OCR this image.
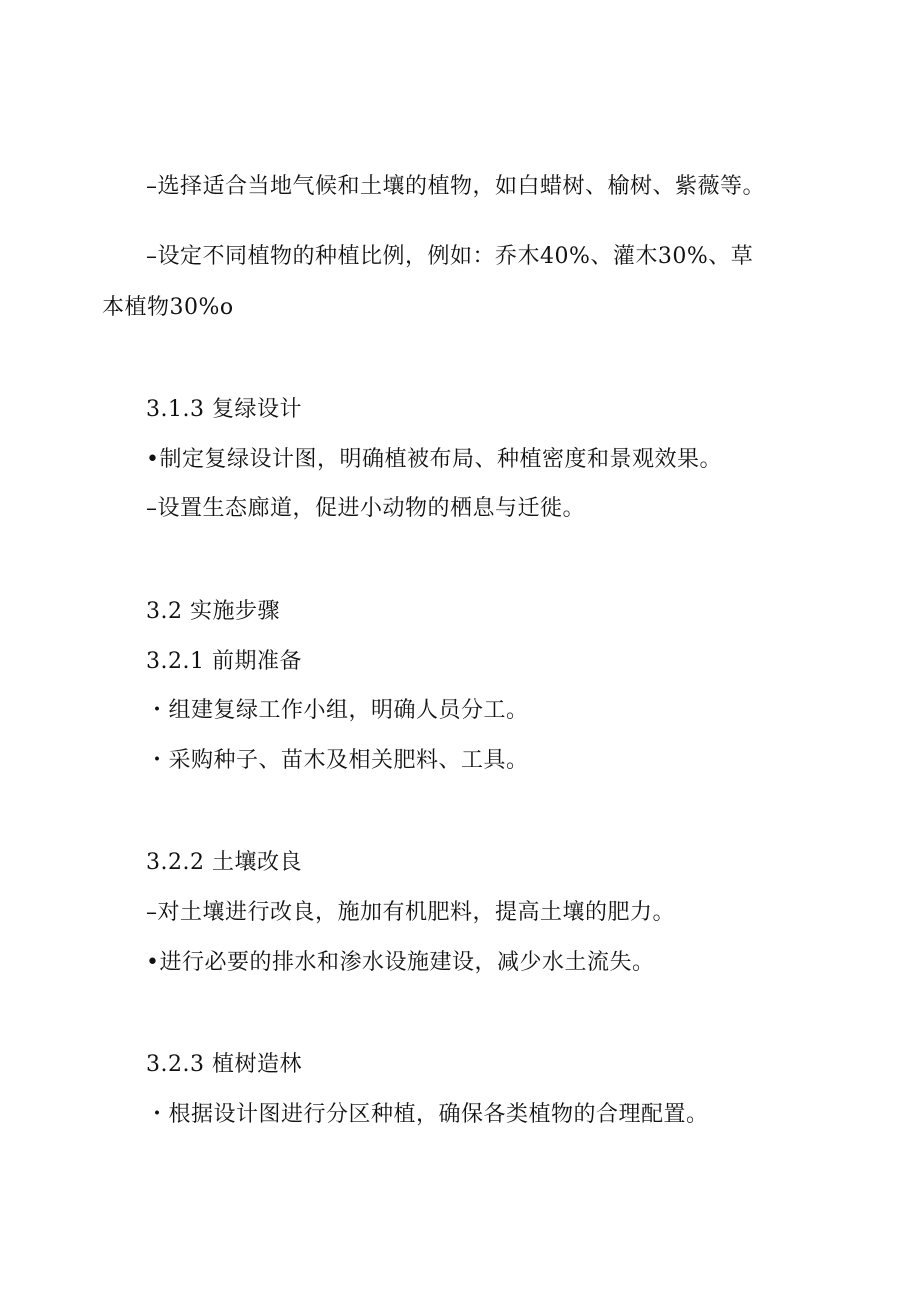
–选择适合当地气候和土壤的植物，如白蜡树、榆树、紫薇等。
–设定不同植物的种植比例，例如：乔木40%、灌木30%、草
本植物30%o
3.1.3 复绿设计
•制定复绿设计图，明确植被布局、种植密度和景观效果。
–设置生态廊道，促进小动物的栖息与迁徙。
3.2 实施步骤
3.2.1 前期准备
・组建复绿工作小组，明确人员分工。
・采购种子、苗木及相关肥料、工具。
3.2.2 土壤改良
–对土壤进行改良，施加有机肥料，提高土壤的肥力。
•进行必要的排水和渗水设施建设，减少水土流失。
3.2.3 植树造林
・根据设计图进行分区种植，确保各类植物的合理配置。
